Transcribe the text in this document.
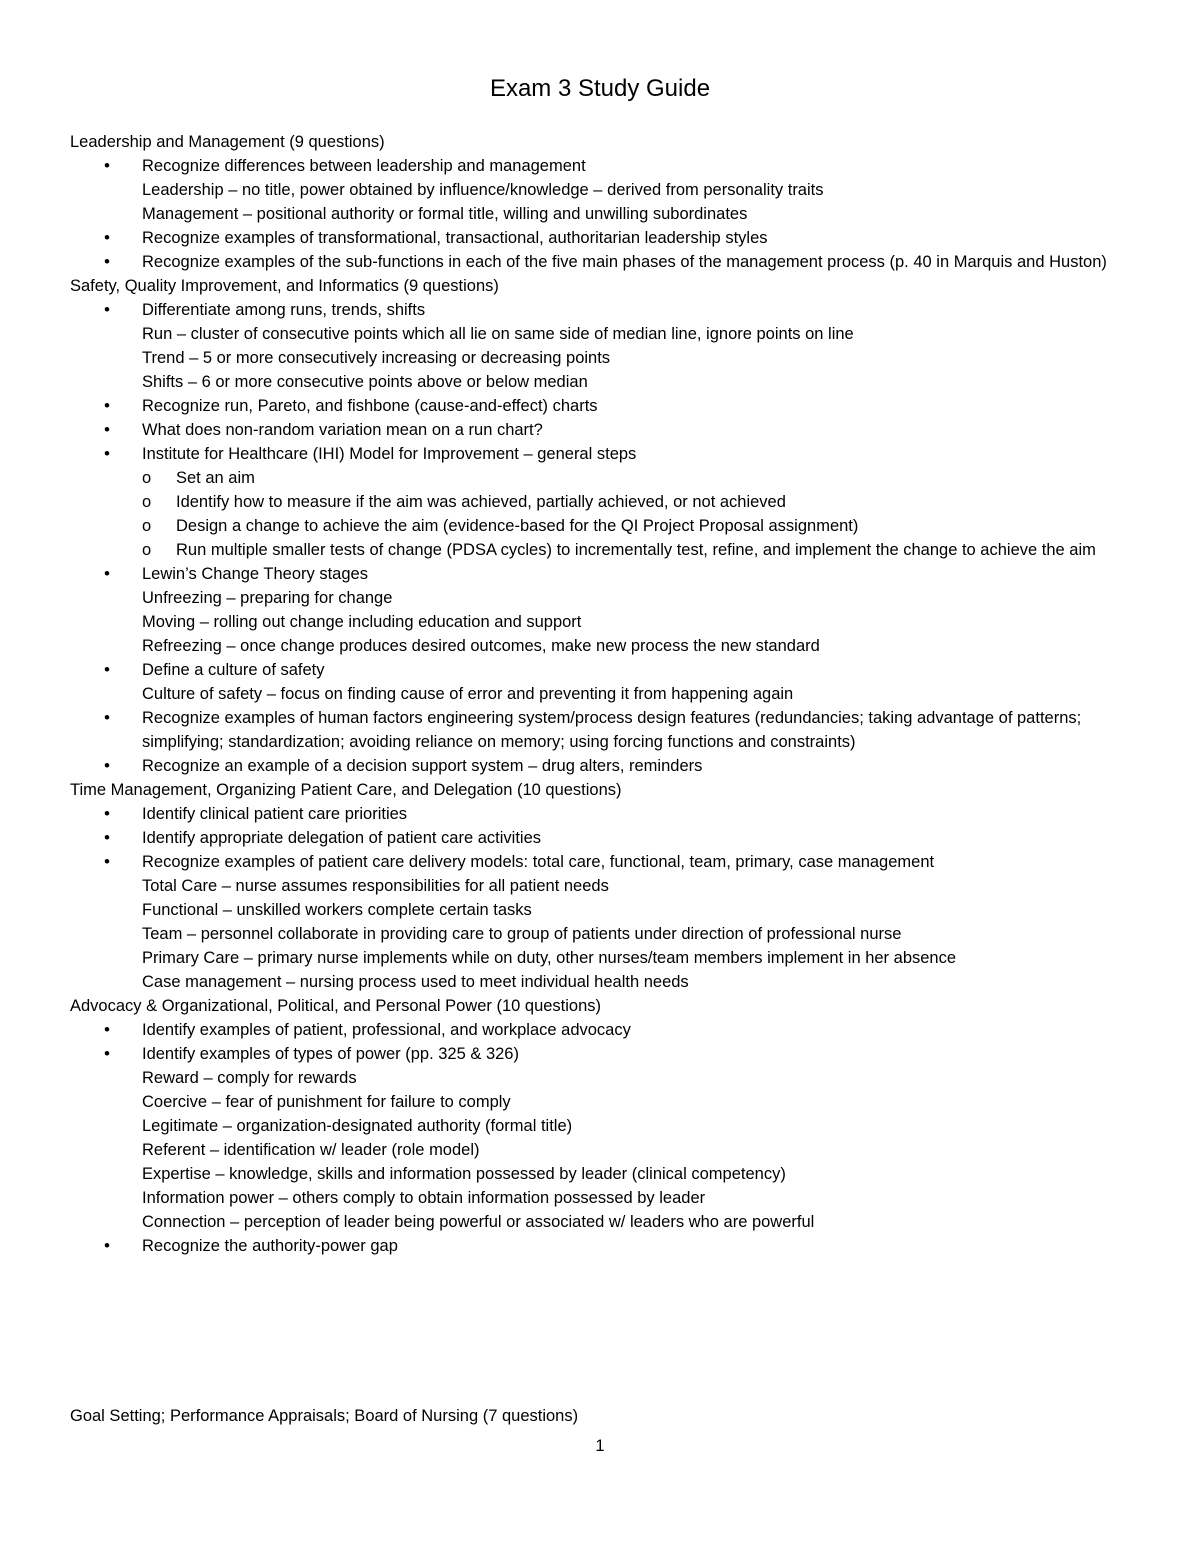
Exam 3 Study Guide
Leadership and Management (9 questions)
• Recognize differences between leadership and management
Leadership – no title, power obtained by influence/knowledge – derived from personality traits
Management – positional authority or formal title, willing and unwilling subordinates
• Recognize examples of transformational, transactional, authoritarian leadership styles
• Recognize examples of the sub-functions in each of the five main phases of the management process (p. 40 in Marquis and Huston)
Safety, Quality Improvement, and Informatics (9 questions)
• Differentiate among runs, trends, shifts
Run – cluster of consecutive points which all lie on same side of median line, ignore points on line
Trend – 5 or more consecutively increasing or decreasing points
Shifts – 6 or more consecutive points above or below median
• Recognize run, Pareto, and fishbone (cause-and-effect) charts
• What does non-random variation mean on a run chart?
• Institute for Healthcare (IHI) Model for Improvement – general steps
o Set an aim
o Identify how to measure if the aim was achieved, partially achieved, or not achieved
o Design a change to achieve the aim (evidence-based for the QI Project Proposal assignment)
o Run multiple smaller tests of change (PDSA cycles) to incrementally test, refine, and implement the change to achieve the aim
• Lewin’s Change Theory stages
Unfreezing – preparing for change
Moving – rolling out change including education and support
Refreezing – once change produces desired outcomes, make new process the new standard
• Define a culture of safety
Culture of safety – focus on finding cause of error and preventing it from happening again
• Recognize examples of human factors engineering system/process design features (redundancies; taking advantage of patterns; simplifying; standardization; avoiding reliance on memory; using forcing functions and constraints)
• Recognize an example of a decision support system – drug alters, reminders
Time Management, Organizing Patient Care, and Delegation (10 questions)
• Identify clinical patient care priorities
• Identify appropriate delegation of patient care activities
• Recognize examples of patient care delivery models: total care, functional, team, primary, case management
Total Care – nurse assumes responsibilities for all patient needs
Functional – unskilled workers complete certain tasks
Team – personnel collaborate in providing care to group of patients under direction of professional nurse
Primary Care – primary nurse implements while on duty, other nurses/team members implement in her absence
Case management – nursing process used to meet individual health needs
Advocacy & Organizational, Political, and Personal Power (10 questions)
• Identify examples of patient, professional, and workplace advocacy
• Identify examples of types of power (pp. 325 & 326)
Reward – comply for rewards
Coercive – fear of punishment for failure to comply
Legitimate – organization-designated authority (formal title)
Referent – identification w/ leader (role model)
Expertise – knowledge, skills and information possessed by leader (clinical competency)
Information power – others comply to obtain information possessed by leader
Connection – perception of leader being powerful or associated w/ leaders who are powerful
• Recognize the authority-power gap
Goal Setting; Performance Appraisals; Board of Nursing (7 questions)
1
